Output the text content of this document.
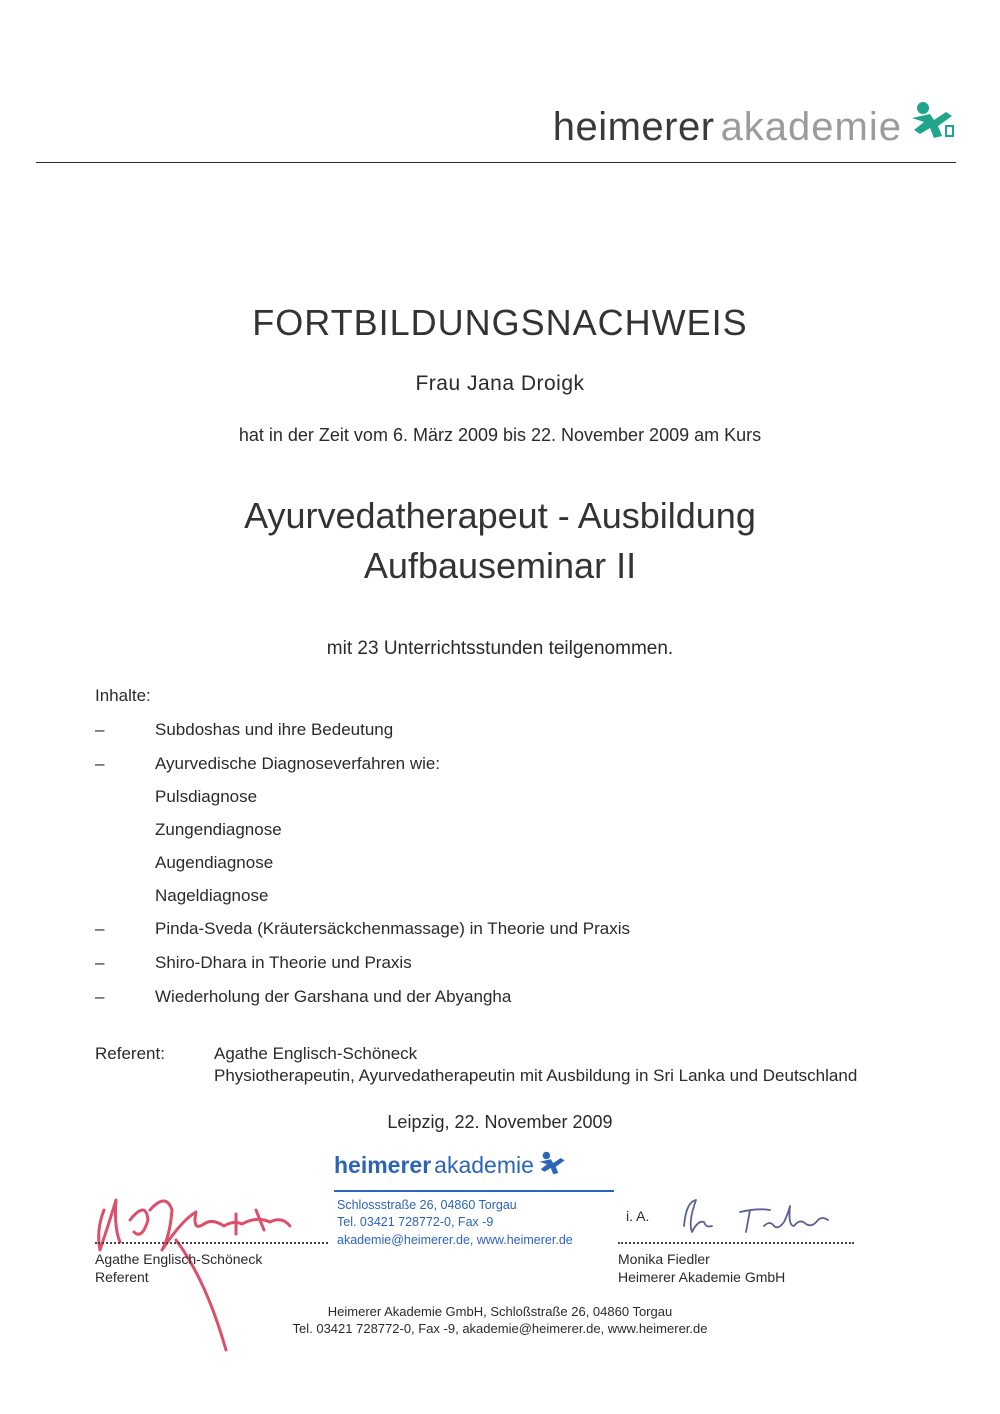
heimerer akademie
FORTBILDUNGSNACHWEIS
Frau Jana Droigk
hat in der Zeit vom 6. März 2009 bis 22. November 2009 am Kurs
Ayurvedatherapeut - Ausbildung
Aufbauseminar II
mit 23 Unterrichtsstunden teilgenommen.
Inhalte:
–	Subdoshas und ihre Bedeutung
–	Ayurvedische Diagnoseverfahren wie:
Pulsdiagnose
Zungendiagnose
Augendiagnose
Nageldiagnose
–	Pinda-Sveda (Kräutersäckchenmassage) in Theorie und Praxis
–	Shiro-Dhara in Theorie und Praxis
–	Wiederholung der Garshana und der Abyangha
Referent:	Agathe Englisch-Schöneck
Physiotherapeutin, Ayurvedatherapeutin mit Ausbildung in Sri Lanka und Deutschland
Leipzig, 22. November 2009
heimerer akademie
Schlossstraße 26, 04860 Torgau
Tel. 03421 728772-0, Fax -9
akademie@heimerer.de, www.heimerer.de
Agathe Englisch-Schöneck
Referent
i. A.
Monika Fiedler
Heimerer Akademie GmbH
Heimerer Akademie GmbH, Schloßstraße 26, 04860 Torgau
Tel. 03421 728772-0, Fax -9, akademie@heimerer.de, www.heimerer.de
